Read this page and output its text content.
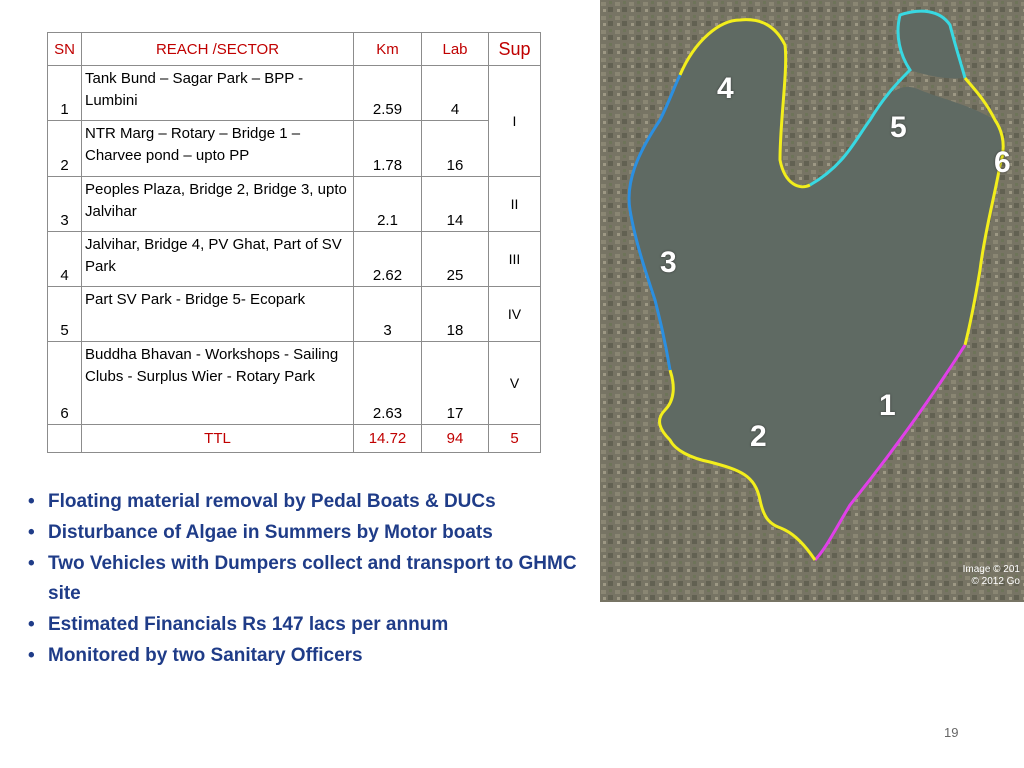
SN	REACH /SECTOR	Km	Lab	Sup
1	Tank Bund – Sagar Park – BPP - Lumbini	2.59	4	I
2	NTR Marg – Rotary – Bridge 1 – Charvee pond – upto PP	1.78	16	
3	Peoples Plaza, Bridge 2, Bridge 3, upto Jalvihar	2.1	14	II
4	Jalvihar, Bridge 4, PV Ghat, Part of SV Park	2.62	25	III
5	Part SV Park - Bridge 5- Ecopark	3	18	IV
6	Buddha Bhavan - Workshops - Sailing Clubs - Surplus Wier - Rotary Park	2.63	17	V
	TTL	14.72	94	5
• Floating material removal by Pedal Boats & DUCs
• Disturbance of Algae in Summers by Motor boats
• Two Vehicles with Dumpers collect and transport to GHMC site
• Estimated Financials Rs 147 lacs per annum
• Monitored by two Sanitary Officers
1
2
3
4
5
6
Image © 201
© 2012 Go
19
